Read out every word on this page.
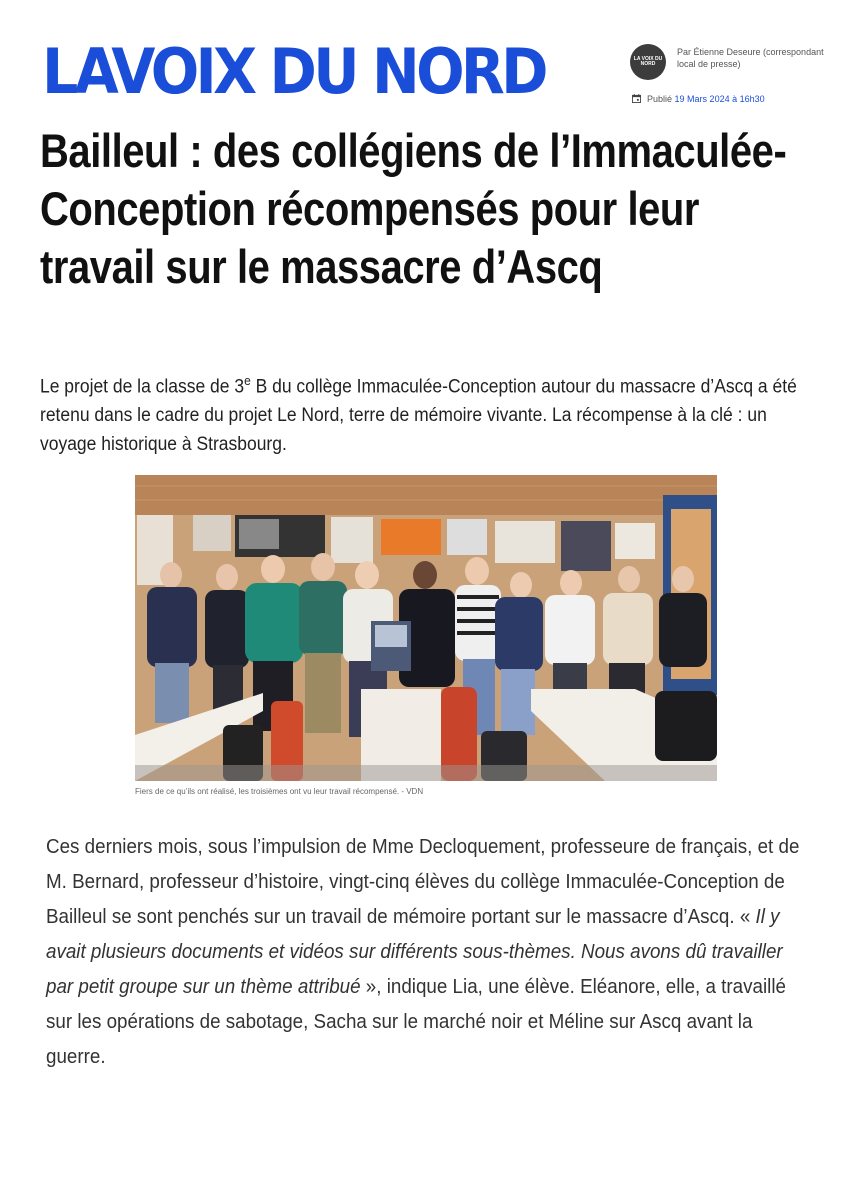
LAVOIX DU NORD	LA VOIX DU NORD
Par Étienne Deseure (correspondant local de presse)
Publié 19 Mars 2024 à 16h30
Bailleul : des collégiens de l’Immaculée-Conception récompensés pour leur travail sur le massacre d’Ascq

Le projet de la classe de 3e B du collège Immaculée-Conception autour du massacre d’Ascq a été retenu dans le cadre du projet Le Nord, terre de mémoire vivante. La récompense à la clé : un voyage historique à Strasbourg.

Fiers de ce qu’ils ont réalisé, les troisièmes ont vu leur travail récompensé. - VDN

Ces derniers mois, sous l’impulsion de Mme Decloquement, professeure de français, et de M. Bernard, professeur d’histoire, vingt-cinq élèves du collège Immaculée-Conception de Bailleul se sont penchés sur un travail de mémoire portant sur le massacre d’Ascq. « Il y avait plusieurs documents et vidéos sur différents sous-thèmes. Nous avons dû travailler par petit groupe sur un thème attribué », indique Lia, une élève. Eléanore, elle, a travaillé sur les opérations de sabotage, Sacha sur le marché noir et Méline sur Ascq avant la guerre.
